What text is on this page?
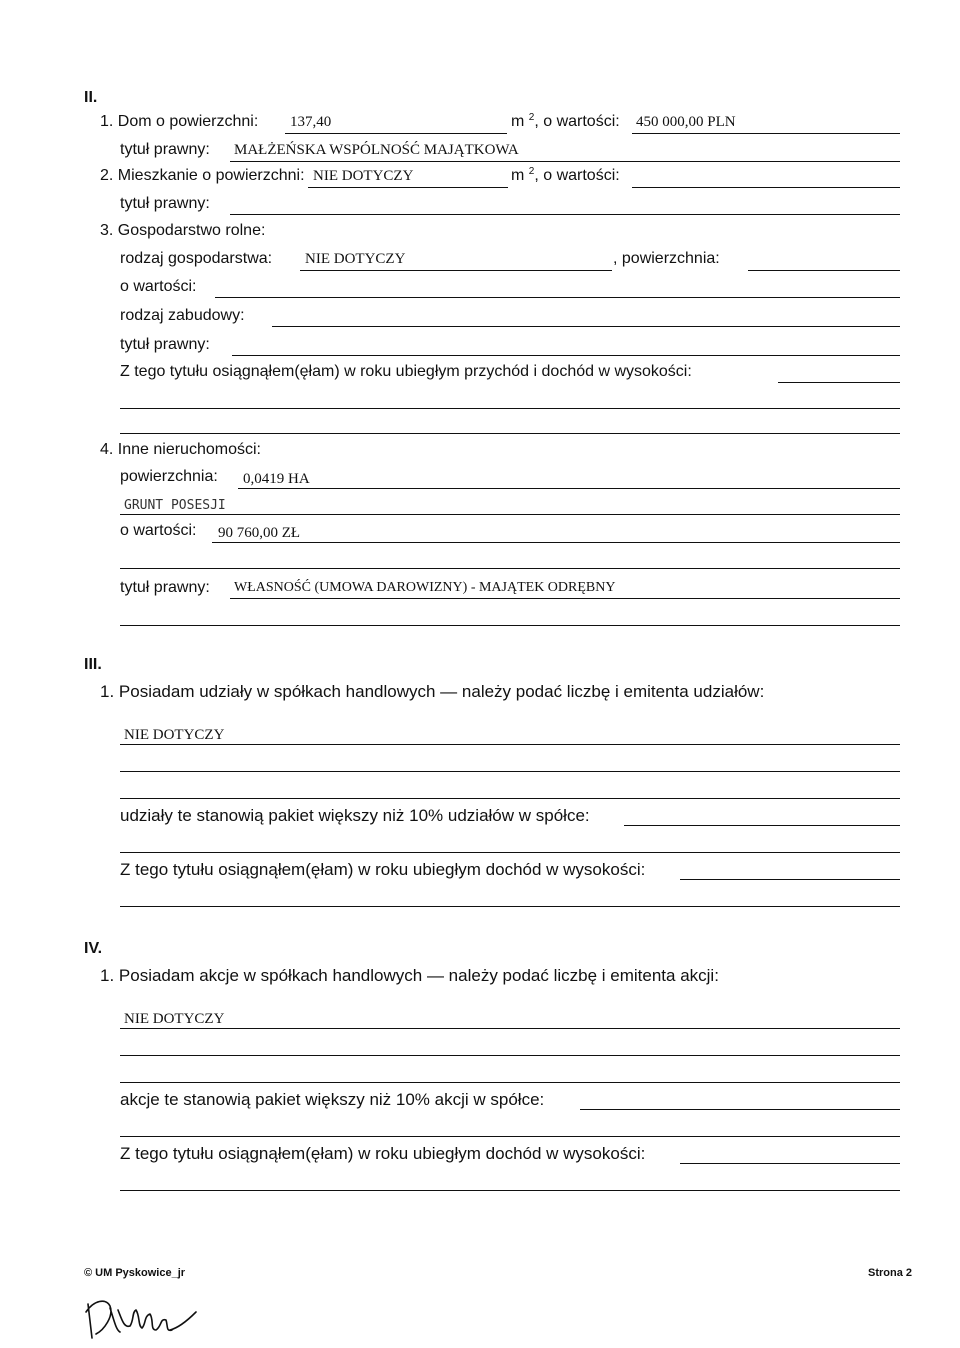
II.
1. Dom o powierzchni: 137,40	m $^2$, o wartości: 450 000,00 PLN
tytuł prawny: MAŁŻEŃSKA WSPÓLNOŚĆ MAJĄTKOWA
2. Mieszkanie o powierzchni: NIE DOTYCZY	m $^2$, o wartości:
tytuł prawny:
3. Gospodarstwo rolne:
rodzaj gospodarstwa: NIE DOTYCZY	, powierzchnia:
o wartości:
rodzaj zabudowy:
tytuł prawny:
Z tego tytułu osiągnąłem(ęłam) w roku ubiegłym przychód i dochód w wysokości:
4. Inne nieruchomości:
powierzchnia: 0,0419 HA
GRUNT POSESJI
o wartości: 90 760,00 ZŁ
tytuł prawny: WŁASNOŚĆ (UMOWA DAROWIZNY) - MAJĄTEK ODRĘBNY
III.
1. Posiadam udziały w spółkach handlowych — należy podać liczbę i emitenta udziałów:
NIE DOTYCZY
udziały te stanowią pakiet większy niż 10% udziałów w spółce:
Z tego tytułu osiągnąłem(ęłam) w roku ubiegłym dochód w wysokości:
IV.
1. Posiadam akcje w spółkach handlowych — należy podać liczbę i emitenta akcji:
NIE DOTYCZY
akcje te stanowią pakiet większy niż 10% akcji w spółce:
Z tego tytułu osiągnąłem(ęłam) w roku ubiegłym dochód w wysokości:
© UM Pyskowice_jr	Strona 2
